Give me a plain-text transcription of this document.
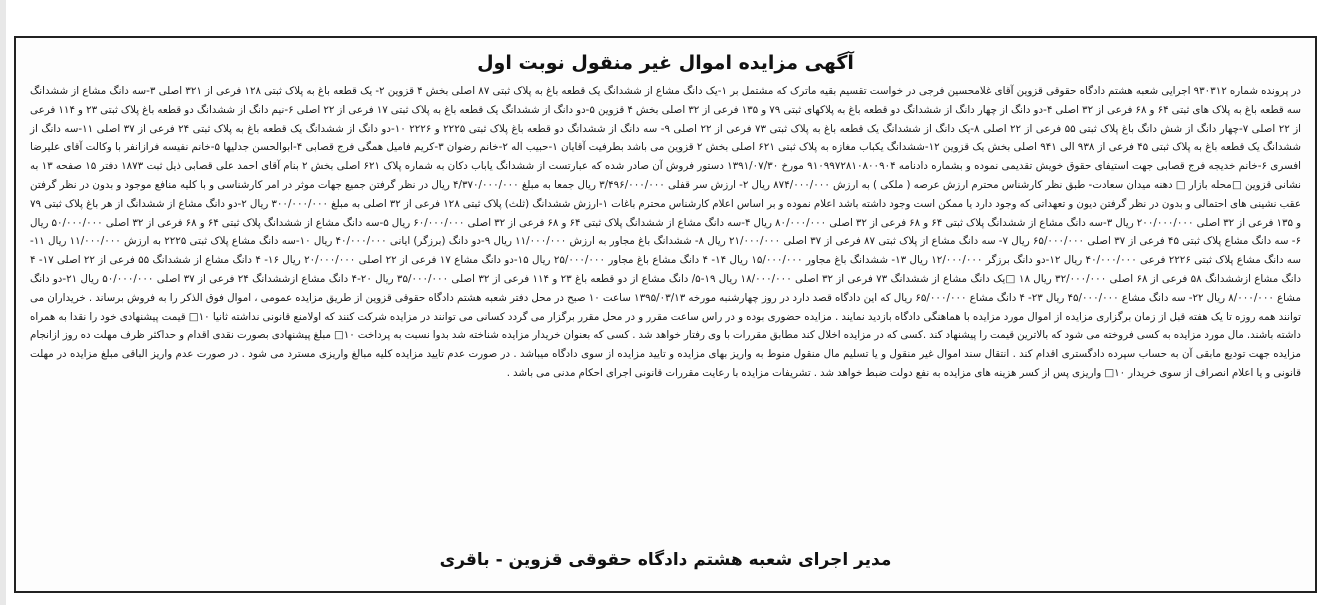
آگهی مزایده اموال غیر منقول نوبت اول

در پرونده شماره ۹۳۰۳۱۲ اجرایی شعبه هشتم دادگاه حقوقی قزوین آقای غلامحسین فرجی در خواست تقسیم بقیه ماترک که مشتمل بر ۱-یک دانگ مشاع از ششدانگ یک قطعه باغ به پلاک ثبتی ۸۷ اصلی بخش ۴ قزوین ۲- یک قطعه باغ به پلاک ثبتی ۱۲۸ فرعی از ۳۲۱ اصلی ۳-سه دانگ مشاع از ششدانگ سه قطعه باغ به پلاک های ثبتی ۶۴ و ۶۸ فرعی از ۳۲ اصلی ۴-دو دانگ از چهار دانگ از ششدانگ دو قطعه باغ به پلاکهای ثبتی ۷۹ و ۱۳۵ فرعی از ۳۲ اصلی بخش ۴ قزوین ۵-دو دانگ از ششدانگ یک قطعه باغ به پلاک ثبتی ۱۷ فرعی از ۲۲ اصلی ۶-نیم دانگ از ششدانگ دو قطعه باغ پلاک ثبتی ۲۳ و ۱۱۴ فرعی از ۲۲ اصلی ۷-چهار دانگ از شش دانگ باغ پلاک ثبتی ۵۵ فرعی از ۲۲ اصلی ۸-یک دانگ از ششدانگ یک قطعه باغ به پلاک ثبتی ۷۳ فرعی از ۲۲ اصلی ۹- سه دانگ از ششدانگ دو قطعه باغ پلاک ثبتی ۲۲۲۵ و ۲۲۲۶ ۱۰-دو دانگ از ششدانگ یک قطعه باغ به پلاک ثبتی ۲۴ فرعی از ۳۷ اصلی ۱۱-سه دانگ از ششدانگ یک قطعه باغ به پلاک ثبتی ۴۵ فرعی از ۹۳۸ الی ۹۴۱ اصلی بخش یک قزوین ۱۲-ششدانگ یکباب مغازه به پلاک ثبتی ۶۲۱ اصلی بخش ۲ قزوین می باشد بطرفیت آقایان ۱-حبیب اله ۲-خانم رضوان ۳-کریم فامیل همگی فرج قصابی ۴-ابوالحسن جدلیها ۵-خانم نفیسه فرازانفر با وکالت آقای علیرضا افسری ۶-خانم خدیجه فرج قصابی جهت استیفای حقوق خویش تقدیمی نموده و بشماره دادنامه ۹۱۰۹۹۷۲۸۱۰۸۰۰۹۰۴ مورخ ۱۳۹۱/۰۷/۳۰ دستور فروش آن صادر شده که عبارتست از ششدانگ یاباب دکان به شماره پلاک ۶۲۱ اصلی بخش ۲ بنام آقای احمد علی قصابی ذیل ثبت ۱۸۷۳ دفتر ۱۵ صفحه ۱۳ به نشانی قزوین □محله بازار □ دهنه میدان سعادت- طبق نظر کارشناس محترم ارزش عرصه ( ملکی ) به ارزش ۸۷۴/۰۰۰/۰۰۰ ریال ۲- ارزش سر قفلی ۳/۴۹۶/۰۰۰/۰۰۰ ریال جمعا به مبلغ ۴/۳۷۰/۰۰۰/۰۰۰ ریال در نظر گرفتن جمیع جهات موثر در امر کارشناسی و با کلیه منافع موجود و بدون در نظر گرفتن عقب نشینی های احتمالی و بدون در نظر گرفتن دیون و تعهداتی که وجود دارد یا ممکن است وجود داشته باشد اعلام نموده و بر اساس اعلام کارشناس محترم باغات ۱-ارزش ششدانگ (ثلث) پلاک ثبتی ۱۲۸ فرعی از ۳۲ اصلی به مبلغ ۳۰۰/۰۰۰/۰۰۰ ریال ۲-دو دانگ مشاع از ششدانگ از هر باغ پلاک ثبتی ۷۹ و ۱۳۵ فرعی از ۳۲ اصلی ۲۰۰/۰۰۰/۰۰۰ ریال ۳-سه دانگ مشاع از ششدانگ پلاک ثبتی ۶۴ و ۶۸ فرعی از ۳۲ اصلی ۸۰/۰۰۰/۰۰۰ ریال ۴-سه دانگ مشاع از ششدانگ پلاک ثبتی ۶۴ و ۶۸ فرعی از ۳۲ اصلی ۶۰/۰۰۰/۰۰۰ ریال ۵-سه دانگ مشاع از ششدانگ پلاک ثبتی ۶۴ و ۶۸ فرعی از ۳۲ اصلی ۵۰/۰۰۰/۰۰۰ ریال ۶- سه دانگ مشاع پلاک ثبتی ۴۵ فرعی از ۳۷ اصلی ۶۵/۰۰۰/۰۰۰ ریال ۷- سه دانگ مشاع از پلاک ثبتی ۸۷ فرعی از ۳۷ اصلی ۲۱/۰۰۰/۰۰۰ ریال ۸- ششدانگ باغ مجاور به ارزش ۱۱/۰۰۰/۰۰۰ ریال ۹-دو دانگ (برزگر) ایانی ۴۰/۰۰۰/۰۰۰ ریال ۱۰-سه دانگ مشاع پلاک ثبتی ۲۲۲۵ به ارزش ۱۱/۰۰۰/۰۰۰ ریال ۱۱-سه دانگ مشاع پلاک ثبتی ۲۲۲۶ فرعی ۴۰/۰۰۰/۰۰۰ ریال ۱۲-دو دانگ برزگر ۱۲/۰۰۰/۰۰۰ ریال ۱۳- ششدانگ باغ مجاور ۱۵/۰۰۰/۰۰۰ ریال ۱۴- ۴ دانگ مشاع باغ مجاور ۲۵/۰۰۰/۰۰۰ ریال ۱۵-دو دانگ مشاع ۱۷ فرعی از ۲۲ اصلی ۲۰/۰۰۰/۰۰۰ ریال ۱۶- ۴ دانگ مشاع از ششدانگ ۵۵ فرعی از ۲۲ اصلی ۱۷- ۴ دانگ مشاع ازششدانگ ۵۸ فرعی از ۶۸ اصلی ۳۲/۰۰۰/۰۰۰ ریال ۱۸ □یک دانگ مشاع از ششدانگ ۷۳ فرعی از ۳۲ اصلی ۱۸/۰۰۰/۰۰۰ ریال ۱۹-۵/ دانگ مشاع از دو قطعه باغ ۲۳ و ۱۱۴ فرعی از ۳۲ اصلی ۳۵/۰۰۰/۰۰۰ ریال ۲۰-۴ دانگ مشاع ازششدانگ ۲۴ فرعی از ۳۷ اصلی ۵۰/۰۰۰/۰۰۰ ریال ۲۱-دو دانگ مشاع ۸/۰۰۰/۰۰۰ ریال ۲۲- سه دانگ مشاع ۴۵/۰۰۰/۰۰۰ ریال ۲۳- ۴ دانگ مشاع ۶۵/۰۰۰/۰۰۰ ریال که این دادگاه قصد دارد در روز چهارشنبه مورخه ۱۳۹۵/۰۳/۱۳ ساعت ۱۰ صبح در محل دفتر شعبه هشتم دادگاه حقوقی قزوین از طریق مزایده عمومی ، اموال فوق الذکر را به فروش برساند . خریداران می توانند همه روزه تا یک هفته قبل از زمان برگزاری مزایده از اموال مورد مزایده با هماهنگی دادگاه بازدید نمایند . مزایده حضوری بوده و در راس ساعت مقرر و در محل مقرر برگزار می گردد کسانی می توانند در مزایده شرکت کنند که اولامنع قانونی نداشته ثانیا ۱۰□ قیمت پیشنهادی خود را نقدا به همراه داشته باشند. مال مورد مزایده به کسی فروخته می شود که بالاترین قیمت را پیشنهاد کند .کسی که در مزایده اخلال کند مطابق مقررات با وی رفتار خواهد شد . کسی که بعنوان خریدار مزایده شناخته شد بدوا نسبت به پرداخت ۱۰□ مبلغ پیشنهادی بصورت نقدی اقدام و حداکثر ظرف مهلت ده روز ازانجام مزایده جهت تودیع مابقی آن به حساب سپرده دادگستری اقدام کند . انتقال سند اموال غیر منقول و یا تسلیم مال منقول منوط به واریز بهای مزایده و تایید مزایده از سوی دادگاه میباشد . در صورت عدم تایید مزایده کلیه مبالغ واریزی مسترد می شود . در صورت عدم واریز الباقی مبلغ مزایده در مهلت قانونی و یا اعلام انصراف از سوی خریدار ۱۰□ واریزی پس از کسر هزینه های مزایده به نفع دولت ضبط خواهد شد . تشریفات مزایده با رعایت مقررات قانونی اجرای احکام مدنی می باشد .

مدیر اجرای شعبه هشتم دادگاه حقوقی قزوین - باقری
